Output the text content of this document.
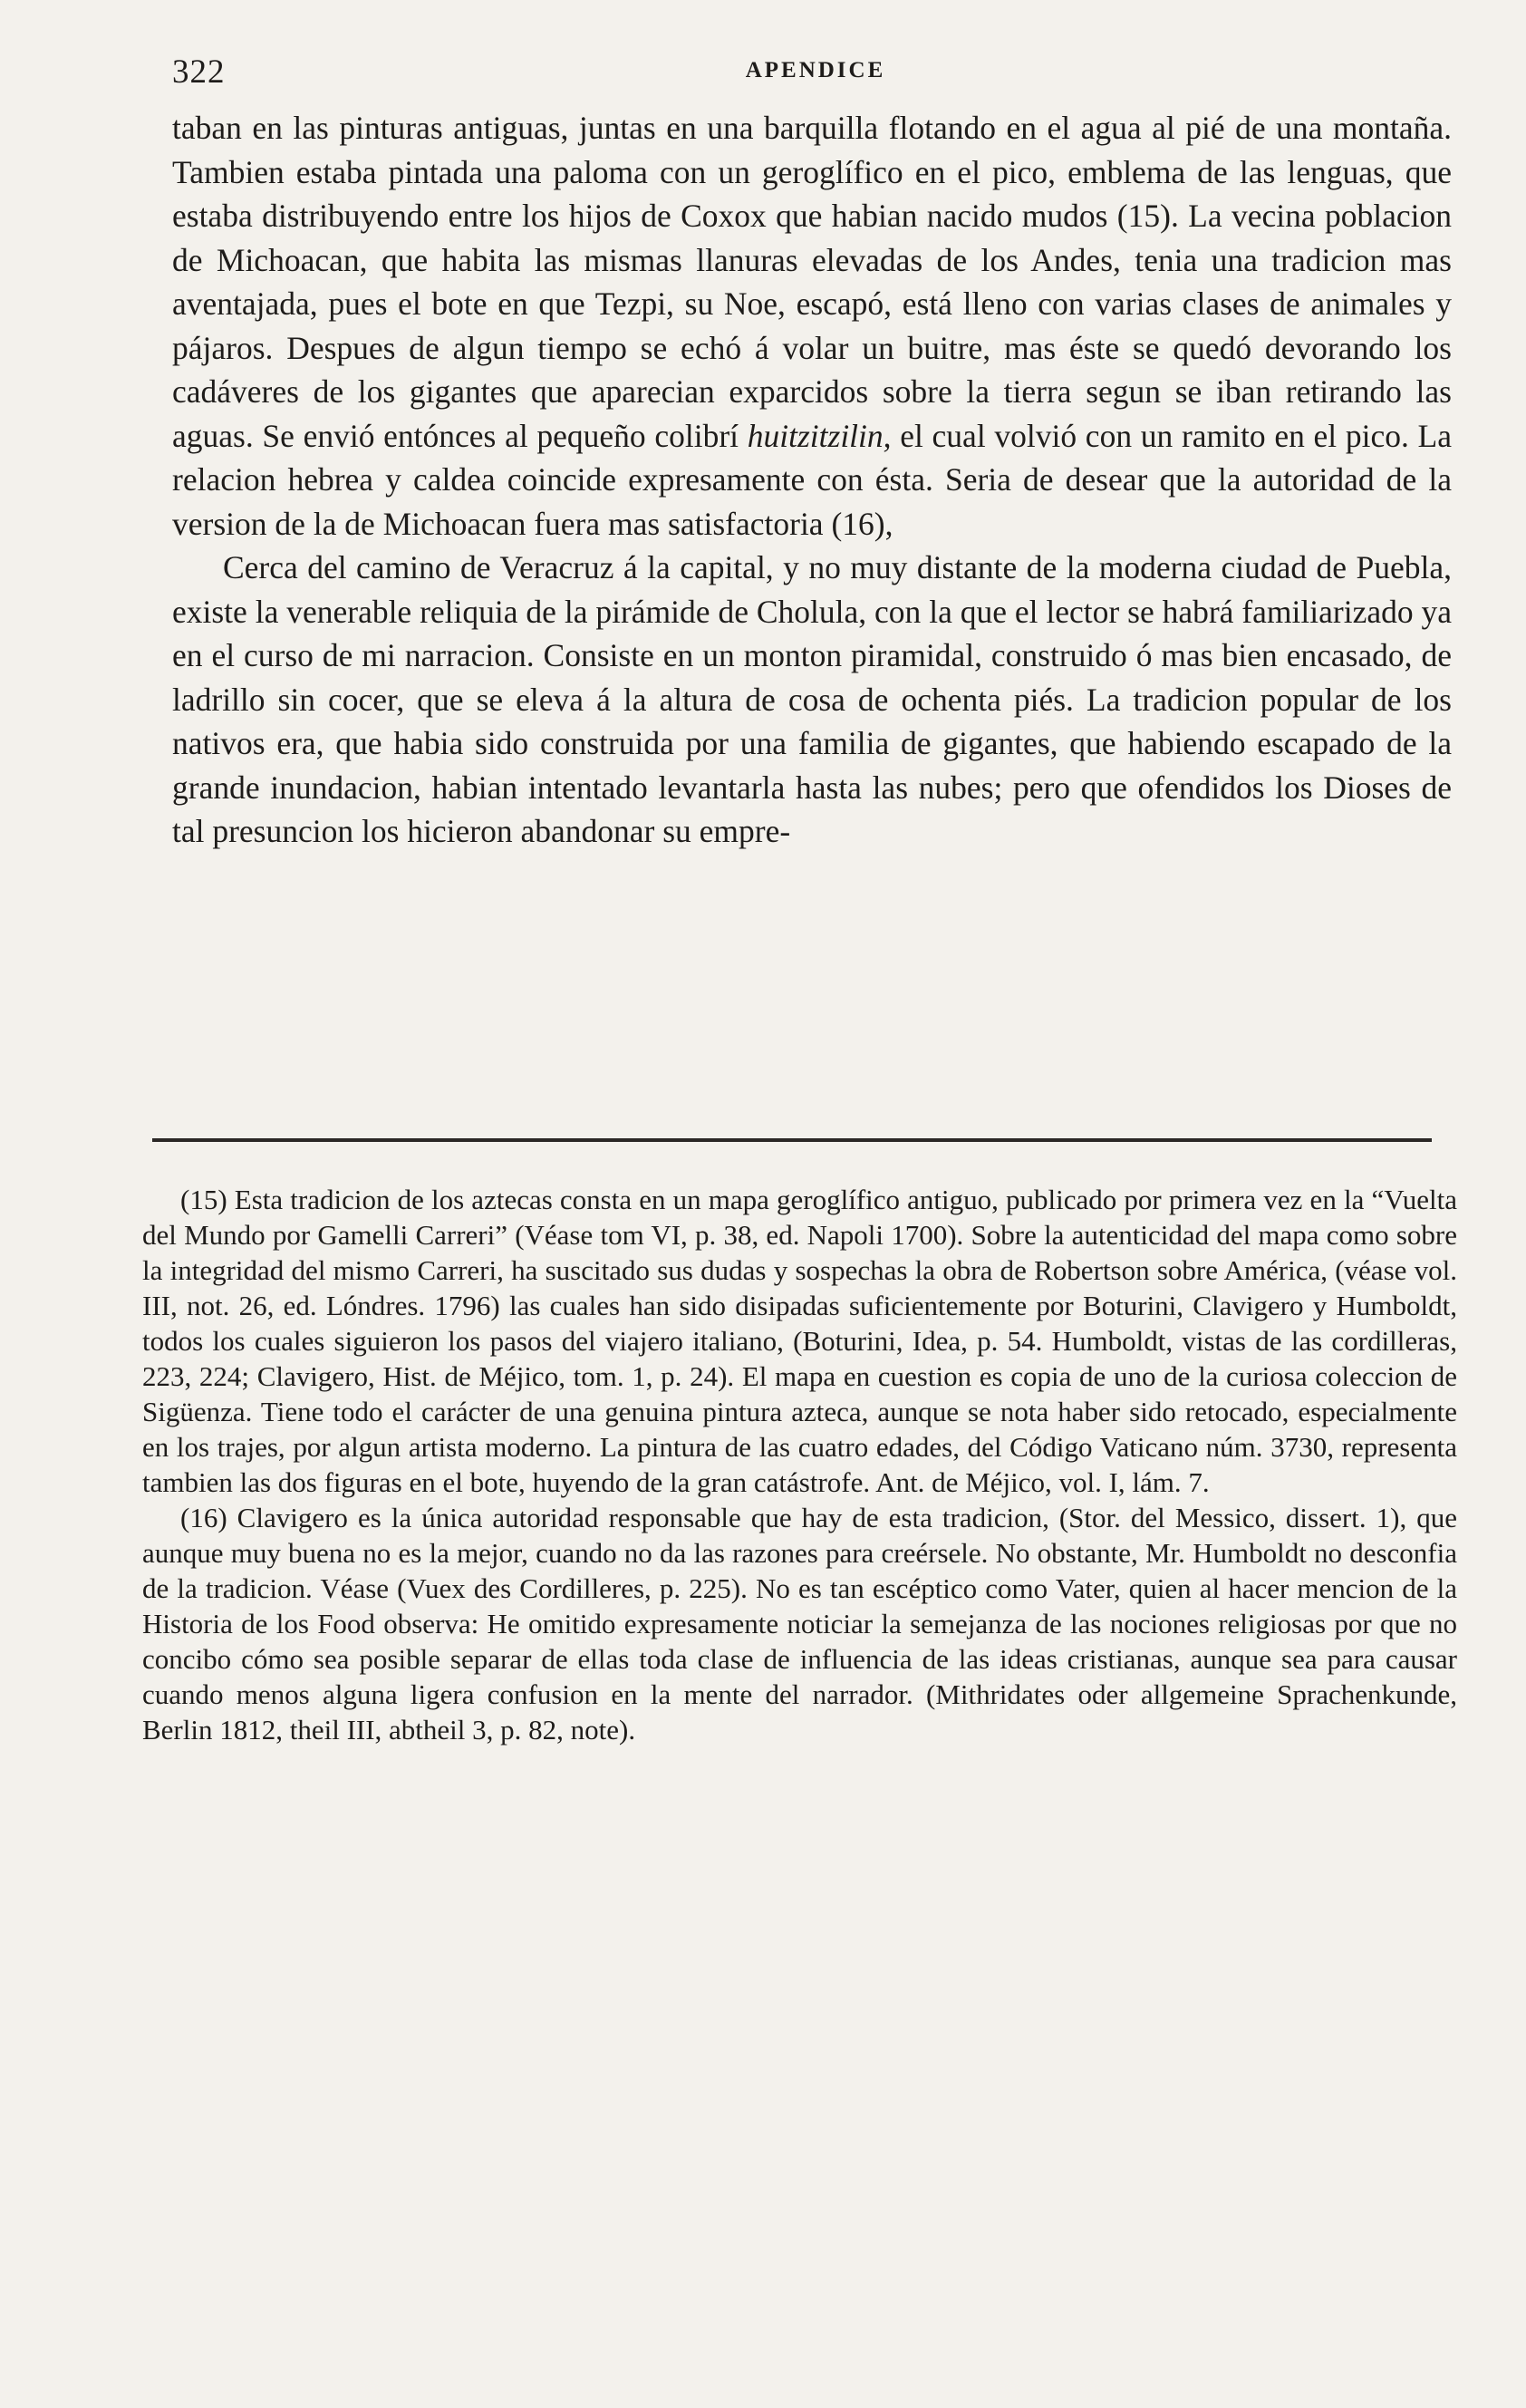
322	APENDICE

taban en las pinturas antiguas, juntas en una barquilla flotando en el agua al pié de una montaña. Tambien estaba pintada una paloma con un geroglífico en el pico, emblema de las lenguas, que estaba distribuyendo entre los hijos de Coxox que habian nacido mudos (15). La vecina poblacion de Michoacan, que habita las mismas llanuras elevadas de los Andes, tenia una tradicion mas aventajada, pues el bote en que Tezpi, su Noe, escapó, está lleno con varias clases de animales y pájaros. Despues de algun tiempo se echó á volar un buitre, mas éste se quedó devorando los cadáveres de los gigantes que aparecian exparcidos sobre la tierra segun se iban retirando las aguas. Se envió entónces al pequeño colibrí huitzitzilin, el cual volvió con un ramito en el pico. La relacion hebrea y caldea coincide expresamente con ésta. Seria de desear que la autoridad de la version de la de Michoacan fuera mas satisfactoria (16),

Cerca del camino de Veracruz á la capital, y no muy distante de la moderna ciudad de Puebla, existe la venerable reliquia de la pirámide de Cholula, con la que el lector se habrá familiarizado ya en el curso de mi narracion. Consiste en un monton piramidal, construido ó mas bien encasado, de ladrillo sin cocer, que se eleva á la altura de cosa de ochenta piés. La tradicion popular de los nativos era, que habia sido construida por una familia de gigantes, que habiendo escapado de la grande inundacion, habian intentado levantarla hasta las nubes; pero que ofendidos los Dioses de tal presuncion los hicieron abandonar su empre-

(15) Esta tradicion de los aztecas consta en un mapa geroglífico antiguo, publicado por primera vez en la “Vuelta del Mundo por Gamelli Carreri” (Véase tom VI, p. 38, ed. Napoli 1700). Sobre la autenticidad del mapa como sobre la integridad del mismo Carreri, ha suscitado sus dudas y sospechas la obra de Robertson sobre América, (véase vol. III, not. 26, ed. Lóndres. 1796) las cuales han sido disipadas suficientemente por Boturini, Clavigero y Humboldt, todos los cuales siguieron los pasos del viajero italiano, (Boturini, Idea, p. 54. Humboldt, vistas de las cordilleras, 223, 224; Clavigero, Hist. de Méjico, tom. 1, p. 24). El mapa en cuestion es copia de uno de la curiosa coleccion de Sigüenza. Tiene todo el carácter de una genuina pintura azteca, aunque se nota haber sido retocado, especialmente en los trajes, por algun artista moderno. La pintura de las cuatro edades, del Código Vaticano núm. 3730, representa tambien las dos figuras en el bote, huyendo de la gran catástrofe. Ant. de Méjico, vol. I, lám. 7.

(16) Clavigero es la única autoridad responsable que hay de esta tradicion, (Stor. del Messico, dissert. 1), que aunque muy buena no es la mejor, cuando no da las razones para creérsele. No obstante, Mr. Humboldt no desconfia de la tradicion. Véase (Vuex des Cordilleres, p. 225). No es tan escéptico como Vater, quien al hacer mencion de la Historia de los Food observa: He omitido expresamente noticiar la semejanza de las nociones religiosas por que no concibo cómo sea posible separar de ellas toda clase de influencia de las ideas cristianas, aunque sea para causar cuando menos alguna ligera confusion en la mente del narrador. (Mithridates oder allgemeine Sprachenkunde, Berlin 1812, theil III, abtheil 3, p. 82, note).
